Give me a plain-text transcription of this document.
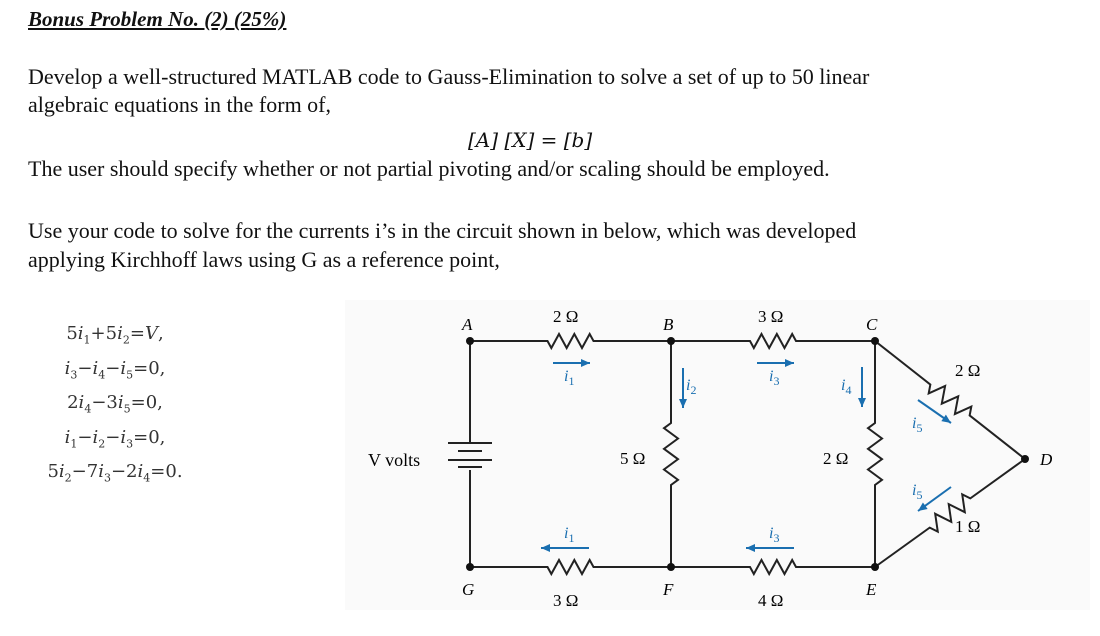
Bonus Problem No. (2) (25%)
Develop a well-structured MATLAB code to Gauss-Elimination to solve a set of up to 50 linear
algebraic equations in the form of,
[A] [X] = [b]
The user should specify whether or not partial pivoting and/or scaling should be employed.
Use your code to solve for the currents i’s in the circuit shown in below, which was developed
applying Kirchhoff laws using G as a reference point,
$5i_1+5i_2=V$,
$i_3-i_4-i_5=0$,
$2i_4-3i_5=0$,
$i_1-i_2-i_3=0$,
$5i_2-7i_3-2i_4=0$.
A	B	C
D
E
F
G
V volts
2 Ω	3 Ω
5 Ω	2 Ω
2 Ω
1 Ω
3 Ω	4 Ω
$i_1$	$i_2$
$i_3$	$i_4$
$i_5$
$i_5$
$i_1$	$i_3$
